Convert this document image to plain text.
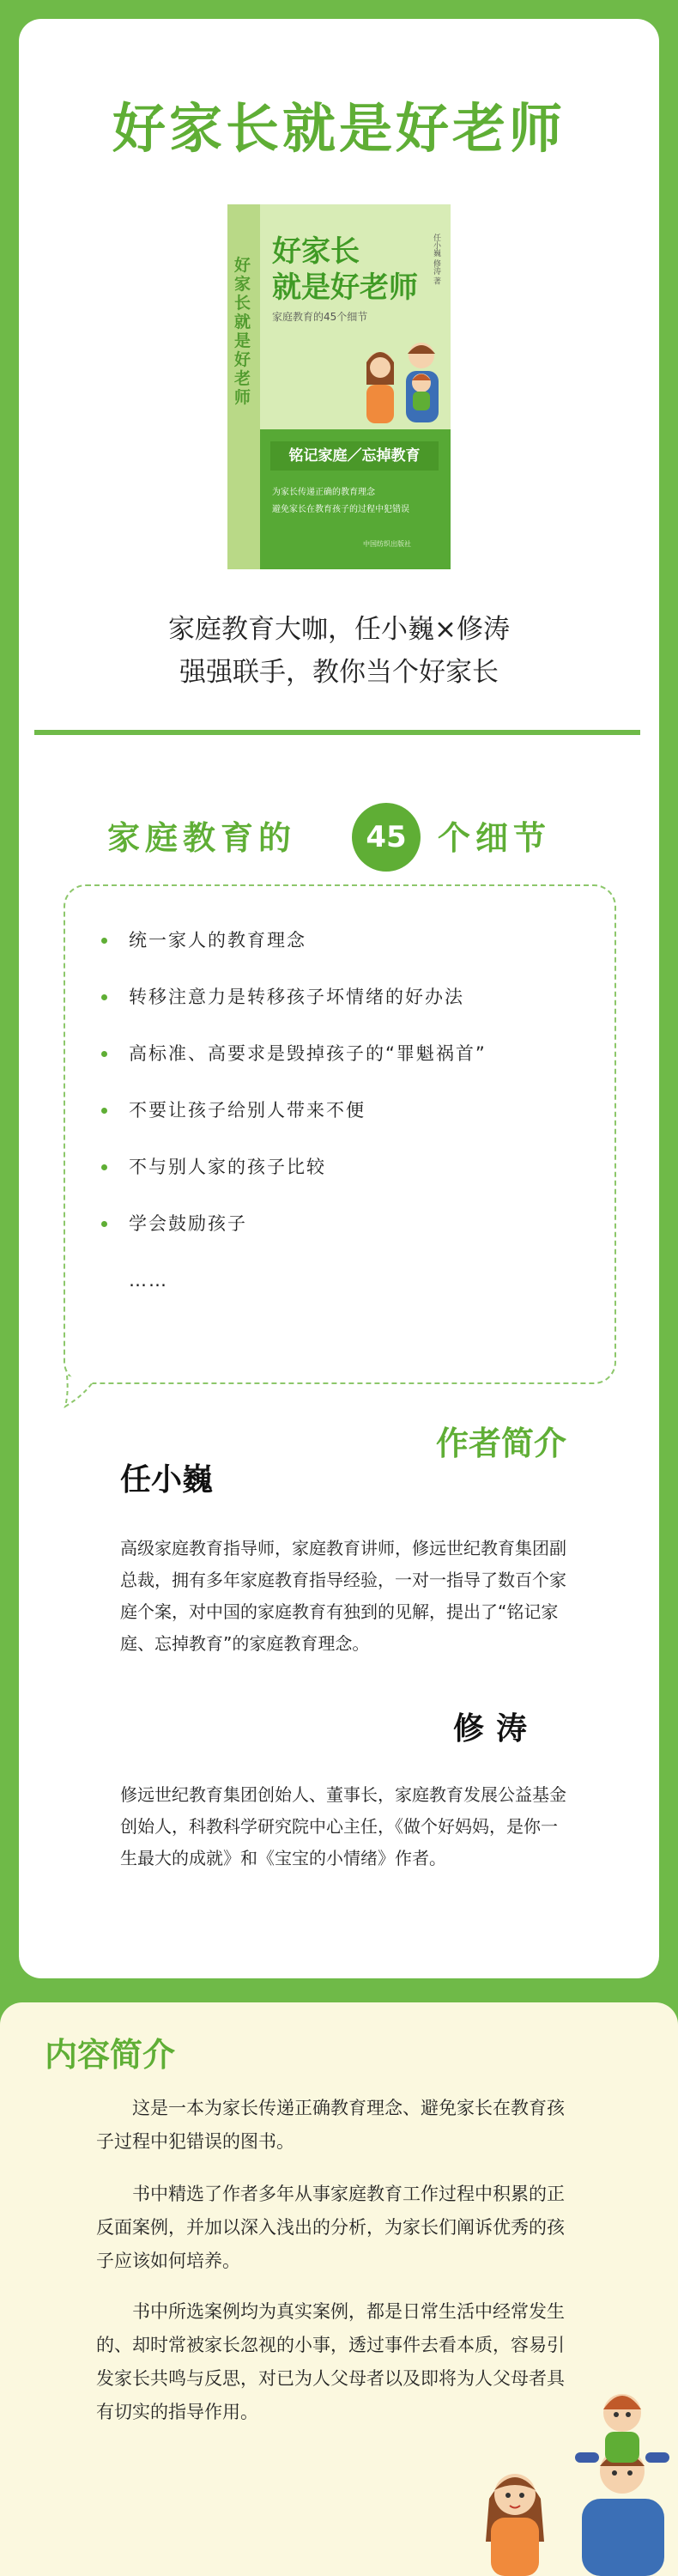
好家长就是好老师
好家长就是好老师
好家长
就是好老师
家庭教育的45个细节
任小巍 修涛 著
铭记家庭／忘掉教育
为家长传递正确的教育理念
避免家长在教育孩子的过程中犯错误
中国纺织出版社
家庭教育大咖，任小巍×修涛
强强联手，教你当个好家长
家庭教育的	45 个细节
统一家人的教育理念
转移注意力是转移孩子坏情绪的好办法
高标准、高要求是毁掉孩子的“罪魁祸首”
不要让孩子给别人带来不便
不与别人家的孩子比较
学会鼓励孩子
……
作者简介
任小巍

高级家庭教育指导师，家庭教育讲师，修远世纪教育集团副总裁，拥有多年家庭教育指导经验，一对一指导了数百个家庭个案，对中国的家庭教育有独到的见解，提出了“铭记家庭、忘掉教育”的家庭教育理念。

修涛

修远世纪教育集团创始人、董事长，家庭教育发展公益基金创始人，科教科学研究院中心主任，《做个好妈妈，是你一生最大的成就》和《宝宝的小情绪》作者。

内容简介

这是一本为家长传递正确教育理念、避免家长在教育孩子过程中犯错误的图书。

书中精选了作者多年从事家庭教育工作过程中积累的正反面案例，并加以深入浅出的分析，为家长们阐诉优秀的孩子应该如何培养。

书中所选案例均为真实案例，都是日常生活中经常发生的、却时常被家长忽视的小事，透过事件去看本质，容易引发家长共鸣与反思，对已为人父母者以及即将为人父母者具有切实的指导作用。
